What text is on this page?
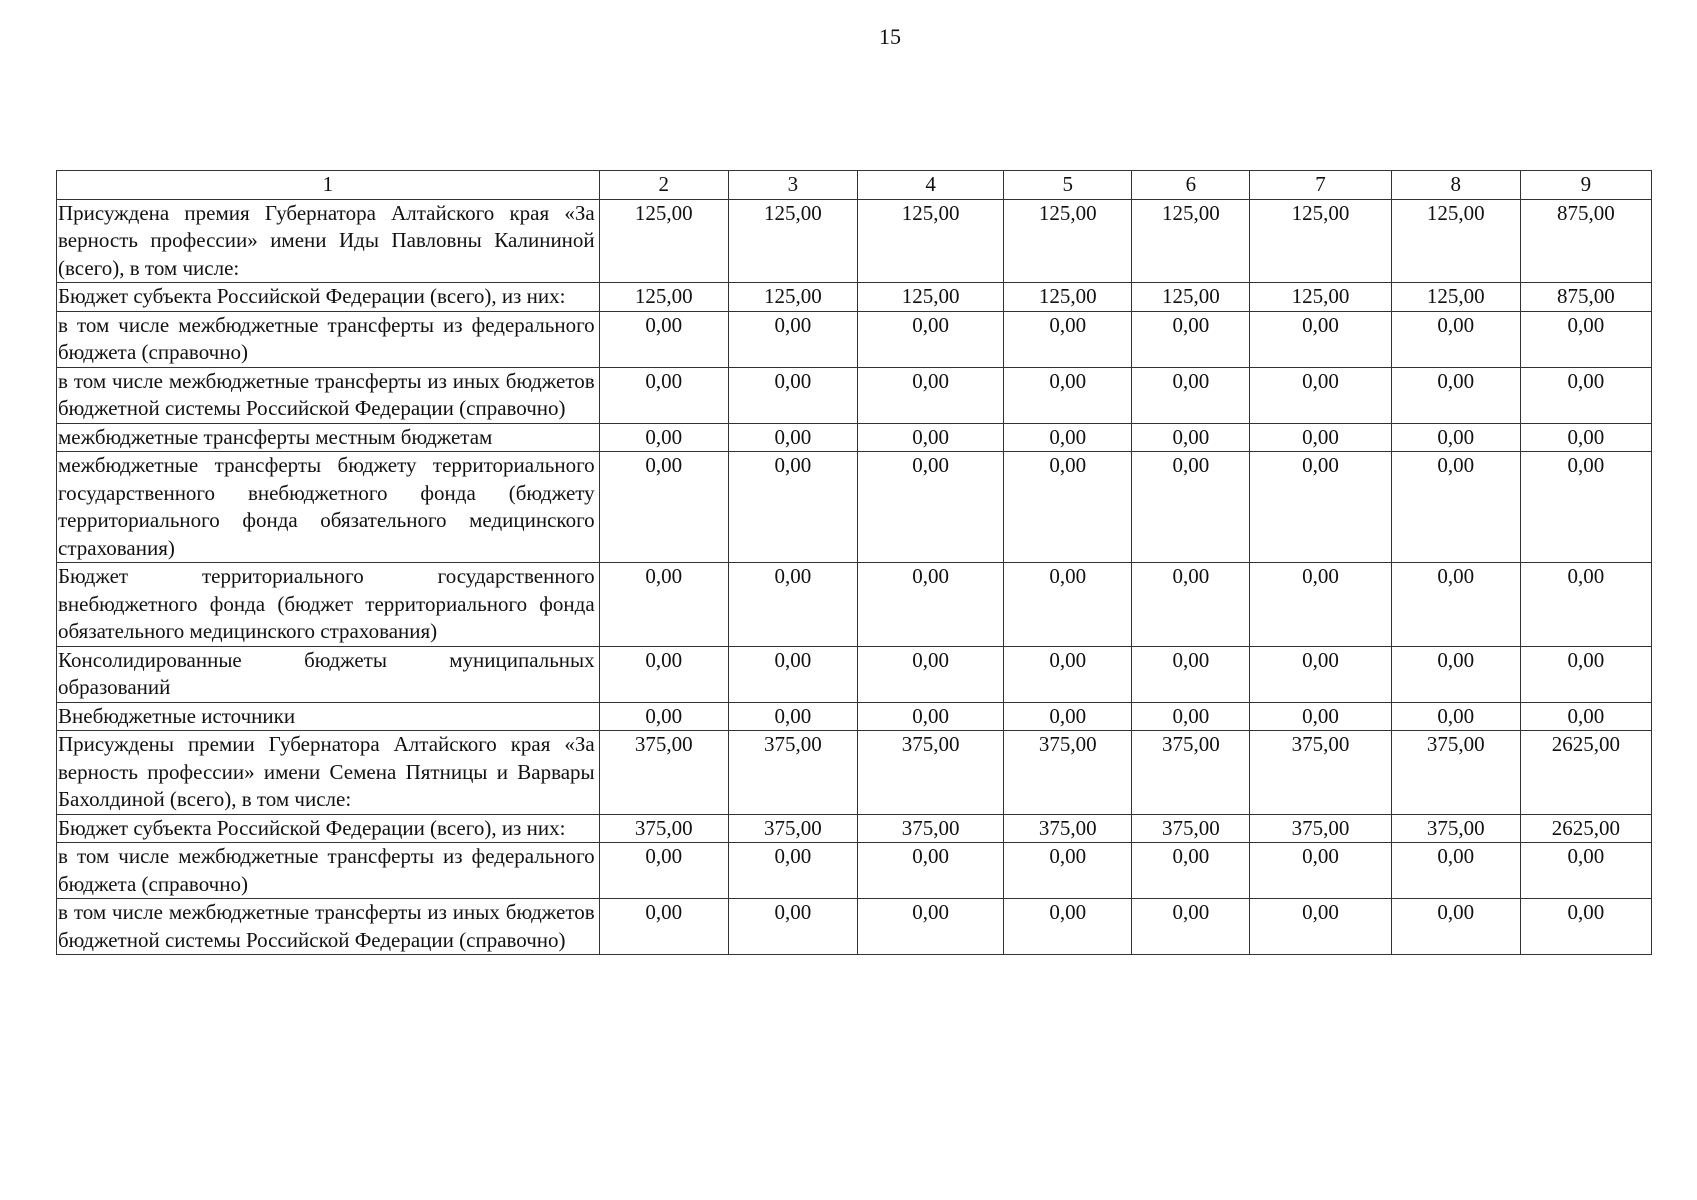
15
1	2	3	4	5	6	7	8	9
Присуждена премия Губернатора Алтайского края «За верность профессии» имени Иды Павловны Калининой (всего), в том числе:	125,00	125,00	125,00	125,00	125,00	125,00	125,00	875,00
Бюджет субъекта Российской Федерации (всего), из них:	125,00	125,00	125,00	125,00	125,00	125,00	125,00	875,00
в том числе межбюджетные трансферты из федерального бюджета (справочно)	0,00	0,00	0,00	0,00	0,00	0,00	0,00	0,00
в том числе межбюджетные трансферты из иных бюджетов бюджетной системы Российской Федерации (справочно)	0,00	0,00	0,00	0,00	0,00	0,00	0,00	0,00
межбюджетные трансферты местным бюджетам	0,00	0,00	0,00	0,00	0,00	0,00	0,00	0,00
межбюджетные трансферты бюджету территориального государственного внебюджетного фонда (бюджету территориального фонда обязательного медицинского страхования)	0,00	0,00	0,00	0,00	0,00	0,00	0,00	0,00
Бюджет территориального государственного внебюджетного фонда (бюджет территориального фонда обязательного медицинского страхования)	0,00	0,00	0,00	0,00	0,00	0,00	0,00	0,00
Консолидированные бюджеты муниципальных образований	0,00	0,00	0,00	0,00	0,00	0,00	0,00	0,00
Внебюджетные источники	0,00	0,00	0,00	0,00	0,00	0,00	0,00	0,00
Присуждены премии Губернатора Алтайского края «За верность профессии» имени Семена Пятницы и Варвары Бахолдиной (всего), в том числе:	375,00	375,00	375,00	375,00	375,00	375,00	375,00	2625,00
Бюджет субъекта Российской Федерации (всего), из них:	375,00	375,00	375,00	375,00	375,00	375,00	375,00	2625,00
в том числе межбюджетные трансферты из федерального бюджета (справочно)	0,00	0,00	0,00	0,00	0,00	0,00	0,00	0,00
в том числе межбюджетные трансферты из иных бюджетов бюджетной системы Российской Федерации (справочно)	0,00	0,00	0,00	0,00	0,00	0,00	0,00	0,00
